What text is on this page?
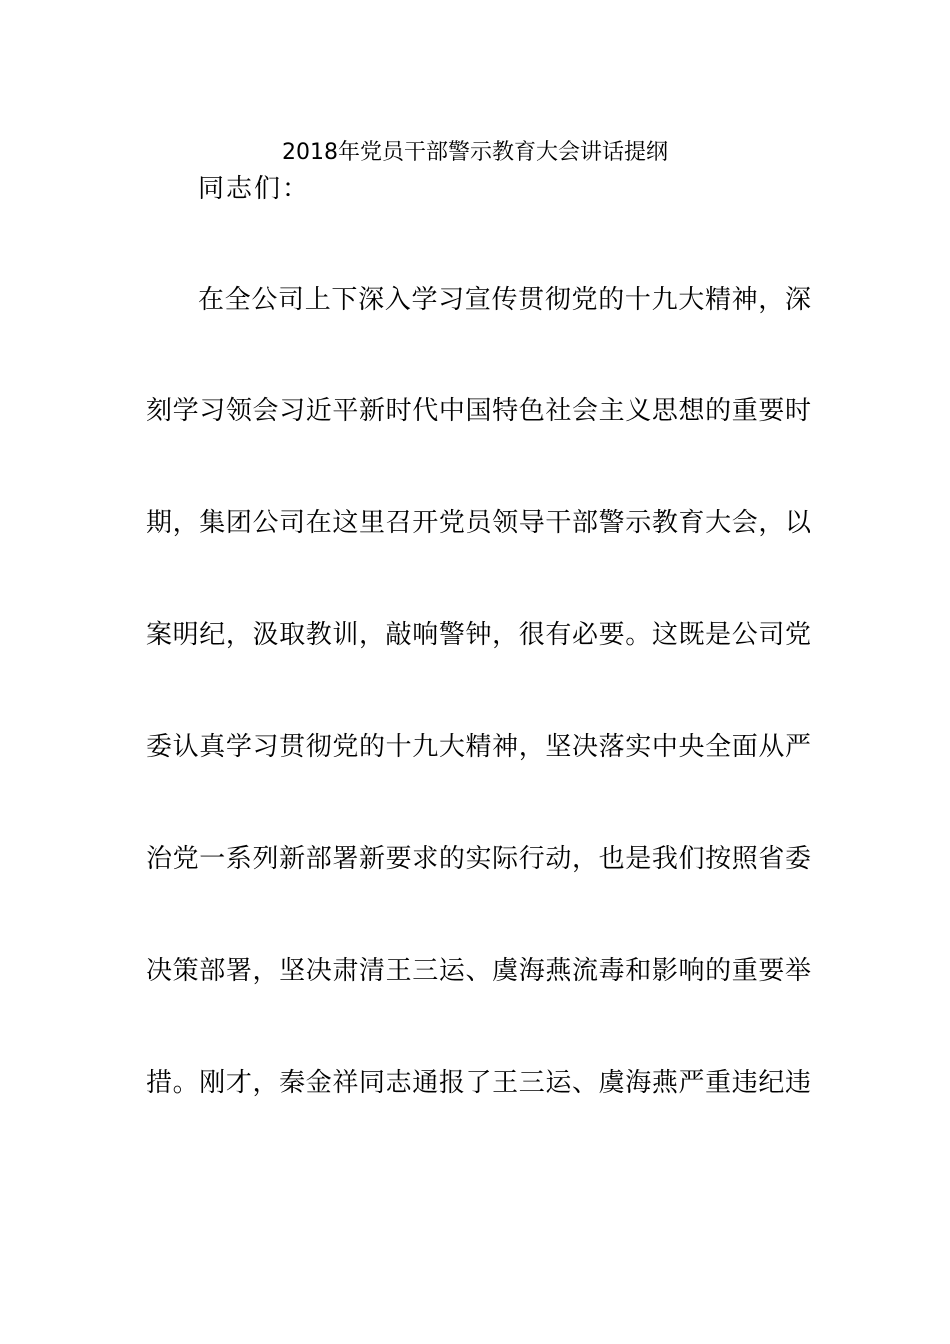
2018年党员干部警示教育大会讲话提纲
同志们：
在全公司上下深入学习宣传贯彻党的十九大精神，深
刻学习领会习近平新时代中国特色社会主义思想的重要时
期，集团公司在这里召开党员领导干部警示教育大会，以
案明纪，汲取教训，敲响警钟，很有必要。这既是公司党
委认真学习贯彻党的十九大精神，坚决落实中央全面从严
治党一系列新部署新要求的实际行动，也是我们按照省委
决策部署，坚决肃清王三运、虞海燕流毒和影响的重要举
措。刚才，秦金祥同志通报了王三运、虞海燕严重违纪违
